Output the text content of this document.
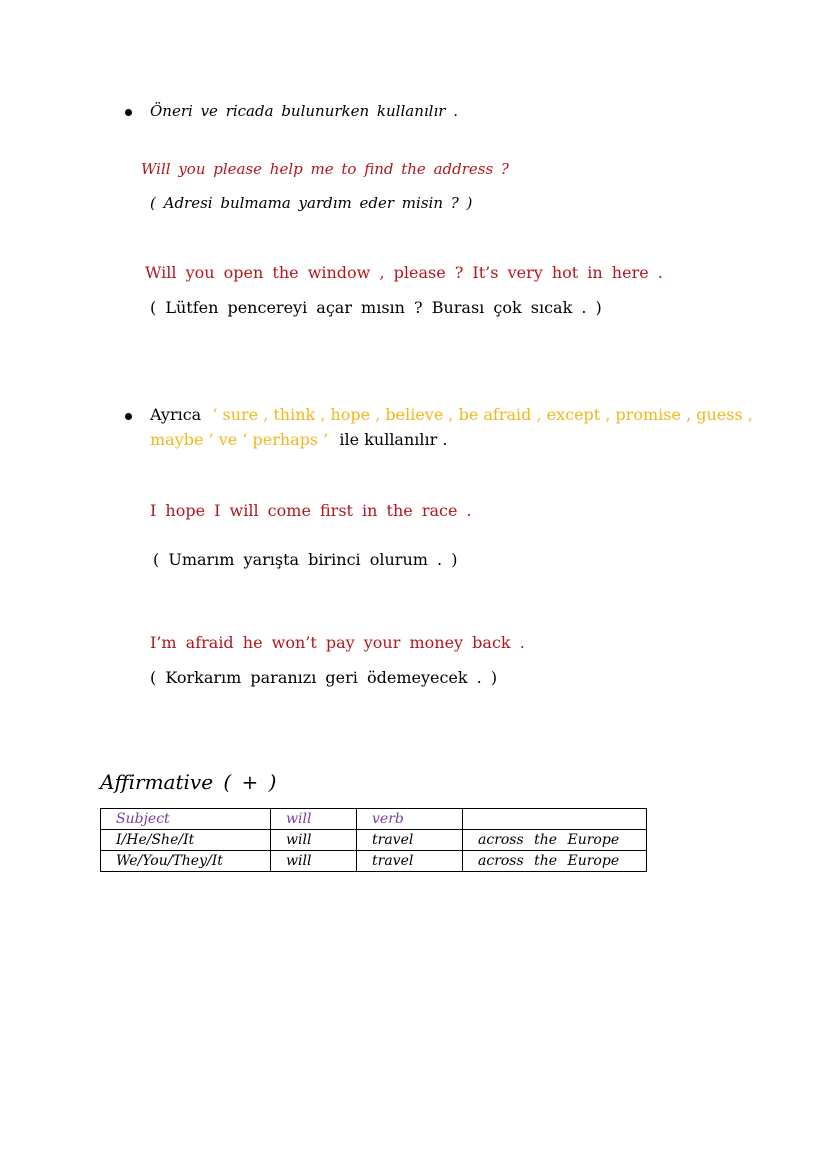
Öneri ve ricada bulunurken kullanılır .
Will you please help me to find the address ?
( Adresi bulmama yardım eder misin ? )
Will you open the window , please ? It’s very hot in here .
( Lütfen pencereyi açar mısın ? Burası çok sıcak . )
Ayrıca ‘ sure , think , hope , believe , be afraid , except , promise , guess ,
maybe ’ ve ‘ perhaps ’ ile kullanılır .
I hope I will come first in the race .
( Umarım yarışta birinci olurum . )
I’m afraid he won’t pay your money back .
( Korkarım paranızı geri ödemeyecek . )
Affirmative ( + )
Subject	will	verb	
I/He/She/It	will	travel	across the Europe
We/You/They/It	will	travel	across the Europe
